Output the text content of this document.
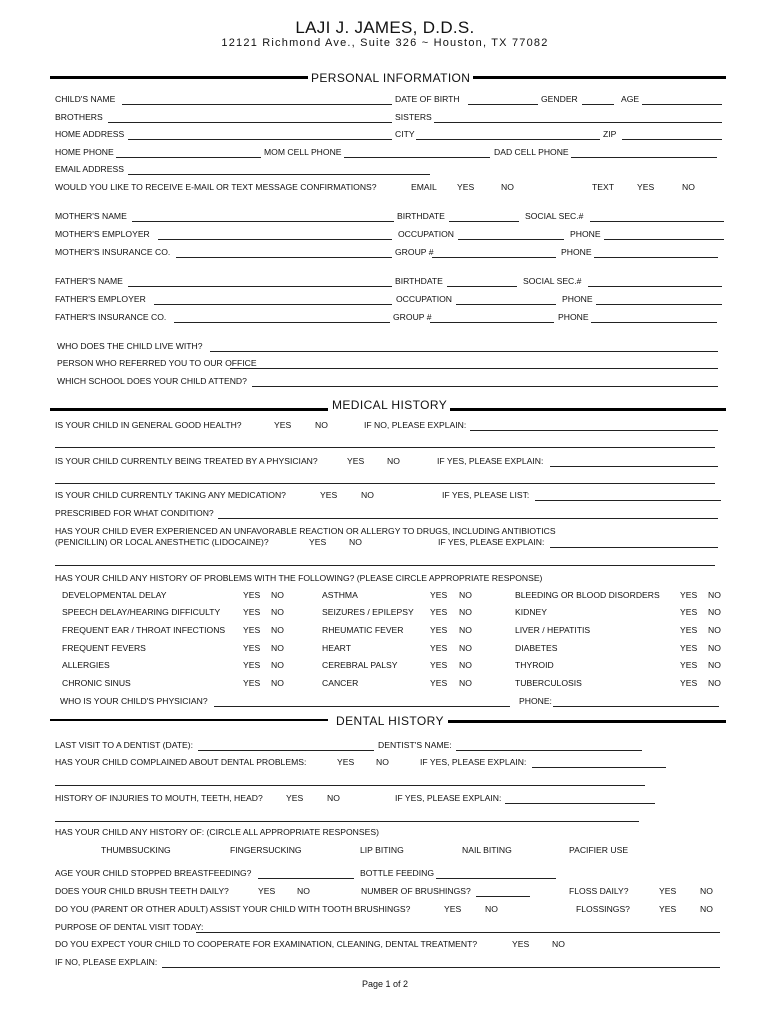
LAJI J. JAMES, D.D.S.
12121 Richmond Ave., Suite 326 ~ Houston, TX 77082
PERSONAL INFORMATION
CHILD'S NAME	DATE OF BIRTH	GENDER	AGE
BROTHERS	SISTERS
HOME ADDRESS	CITY	ZIP
HOME PHONE	MOM CELL PHONE	DAD CELL PHONE
EMAIL ADDRESS
WOULD YOU LIKE TO RECEIVE E-MAIL OR TEXT MESSAGE CONFIRMATIONS?	EMAIL YES	NO	TEXT	YES	NO
MOTHER'S NAME	BIRTHDATE	SOCIAL SEC.#
MOTHER'S EMPLOYER	OCCUPATION	PHONE
MOTHER'S INSURANCE CO.	GROUP #	PHONE
FATHER'S NAME	BIRTHDATE	SOCIAL SEC.#
FATHER'S EMPLOYER	OCCUPATION	PHONE
FATHER'S INSURANCE CO.	GROUP #	PHONE
WHO DOES THE CHILD LIVE WITH?
PERSON WHO REFERRED YOU TO OUR OFFICE
WHICH SCHOOL DOES YOUR CHILD ATTEND?
MEDICAL HISTORY
IS YOUR CHILD IN GENERAL GOOD HEALTH?	YES	NO	IF NO, PLEASE EXPLAIN:
IS YOUR CHILD CURRENTLY BEING TREATED BY A PHYSICIAN?	YES	NO	IF YES, PLEASE EXPLAIN:
IS YOUR CHILD CURRENTLY TAKING ANY MEDICATION?	YES	NO	IF YES, PLEASE LIST:
PRESCRIBED FOR WHAT CONDITION?
HAS YOUR CHILD EVER EXPERIENCED AN UNFAVORABLE REACTION OR ALLERGY TO DRUGS, INCLUDING ANTIBIOTICS
(PENICILLIN) OR LOCAL ANESTHETIC (LIDOCAINE)?	YES	NO	IF YES, PLEASE EXPLAIN:
HAS YOUR CHILD ANY HISTORY OF PROBLEMS WITH THE FOLLOWING? (PLEASE CIRCLE APPROPRIATE RESPONSE)
DEVELOPMENTAL DELAY	YES NO	ASTHMA	YES NO	BLEEDING OR BLOOD DISORDERS YES NO
SPEECH DELAY/HEARING DIFFICULTY	YES NO	SEIZURES / EPILEPSY YES NO	KIDNEY	YES NO
FREQUENT EAR / THROAT INFECTIONS YES NO	RHEUMATIC FEVER	YES NO	LIVER / HEPATITIS	YES NO
FREQUENT FEVERS	YES NO	HEART	YES NO	DIABETES	YES NO
ALLERGIES	YES NO	CEREBRAL PALSY	YES NO	THYROID	YES NO
CHRONIC SINUS	YES NO	CANCER	YES NO	TUBERCULOSIS	YES NO
WHO IS YOUR CHILD'S PHYSICIAN?	PHONE:
DENTAL HISTORY
LAST VISIT TO A DENTIST (DATE):	DENTIST'S NAME:
HAS YOUR CHILD COMPLAINED ABOUT DENTAL PROBLEMS:	YES	NO	IF YES, PLEASE EXPLAIN:
HISTORY OF INJURIES TO MOUTH, TEETH, HEAD?	YES	NO	IF YES, PLEASE EXPLAIN:
HAS YOUR CHILD ANY HISTORY OF: (CIRCLE ALL APPROPRIATE RESPONSES)
THUMBSUCKING	FINGERSUCKING	LIP BITING	NAIL BITING	PACIFIER USE
AGE YOUR CHILD STOPPED BREASTFEEDING?	BOTTLE FEEDING
DOES YOUR CHILD BRUSH TEETH DAILY?	YES	NO	NUMBER OF BRUSHINGS?	FLOSS DAILY?	YES	NO
DO YOU (PARENT OR OTHER ADULT) ASSIST YOUR CHILD WITH TOOTH BRUSHINGS?	YES	NO	FLOSSINGS?	YES	NO
PURPOSE OF DENTAL VISIT TODAY:
DO YOU EXPECT YOUR CHILD TO COOPERATE FOR EXAMINATION, CLEANING, DENTAL TREATMENT?	YES	NO
IF NO, PLEASE EXPLAIN:
Page 1 of 2
